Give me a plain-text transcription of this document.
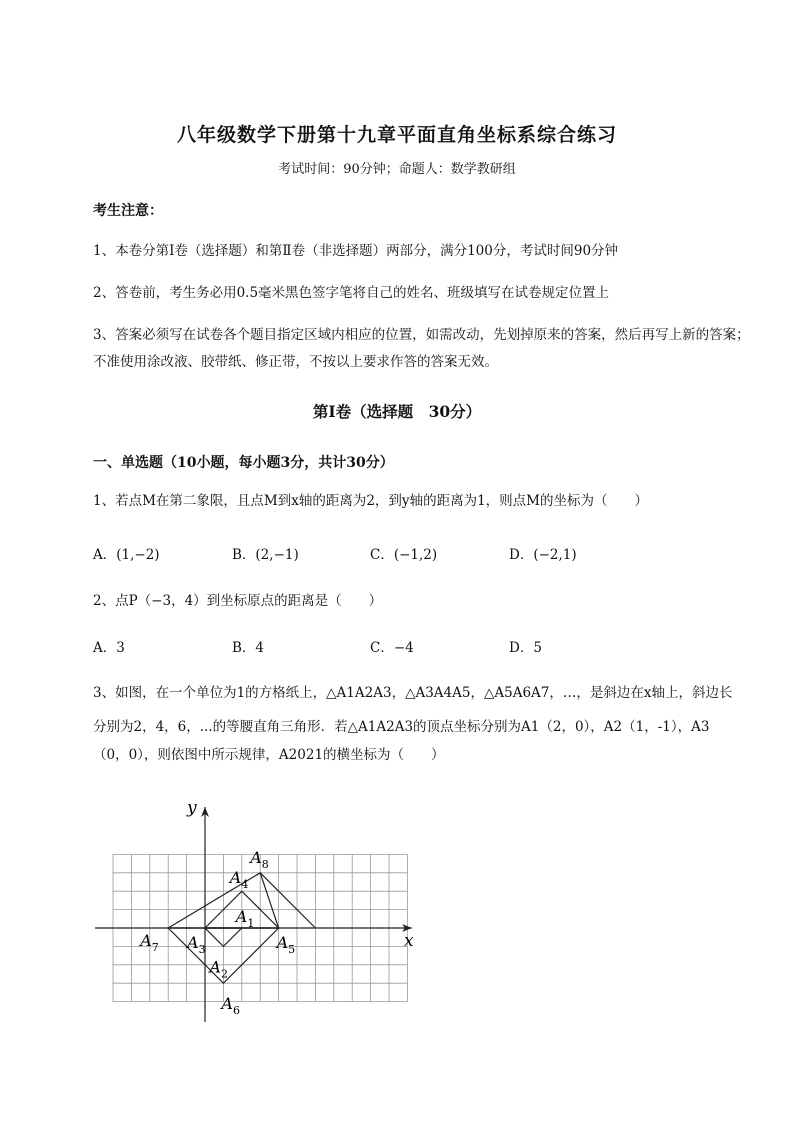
八年级数学下册第十九章平面直角坐标系综合练习
考试时间：90分钟；命题人：数学教研组
考生注意：
1、本卷分第Ⅰ卷（选择题）和第Ⅱ卷（非选择题）两部分，满分100分，考试时间90分钟
2、答卷前，考生务必用0.5毫米黑色签字笔将自己的姓名、班级填写在试卷规定位置上
3、答案必须写在试卷各个题目指定区域内相应的位置，如需改动，先划掉原来的答案，然后再写上新的答案；不准使用涂改液、胶带纸、修正带，不按以上要求作答的答案无效。
第Ⅰ卷（选择题　30分）
一、单选题（10小题，每小题3分，共计30分）
1、若点M在第二象限，且点M到x轴的距离为2，到y轴的距离为1，则点M的坐标为（　　）
A．(1,−2)	B．(2,−1)	C．(−1,2)	D．(−2,1)
2、点P（−3，4）到坐标原点的距离是（　　）
A．3	B．4	C．−4	D．5
3、如图，在一个单位为1的方格纸上，△A1A2A3，△A3A4A5，△A5A6A7，…，是斜边在x轴上，斜边长
分别为2，4，6，...的等腰直角三角形．若△A1A2A3的顶点坐标分别为A1（2，0），A2（1，-1），A3
（0，0），则依图中所示规律，A2021的横坐标为（　　）
x
y
$A_1$
$A_2$
$A_3$
$A_4$
$A_5$
$A_6$
$A_7$
$A_8$
